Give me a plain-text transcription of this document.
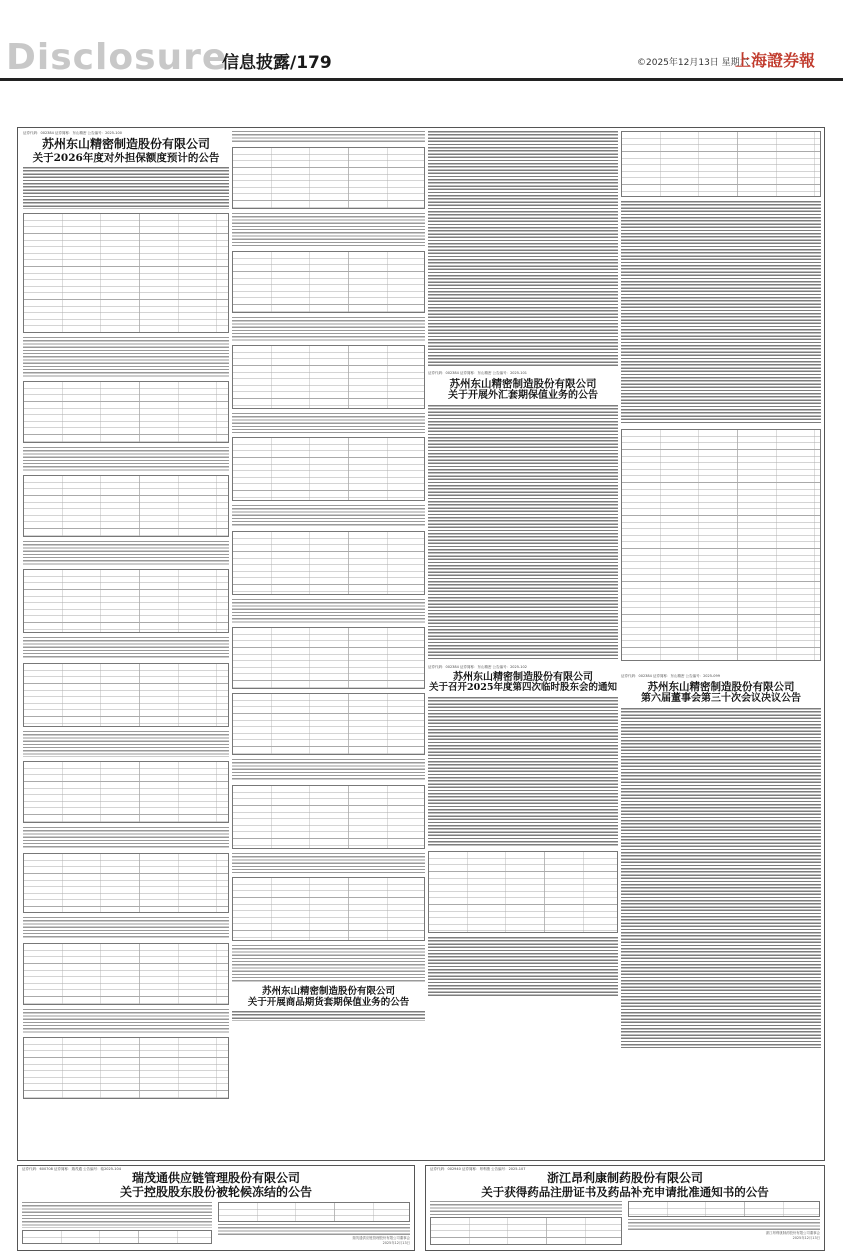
Disclosure
信息披露/179	©2025年12月13日 星期六
上海證券報
证券代码：002384 证券简称：东山精密 公告编号：2025-100
苏州东山精密制造股份有限公司
关于2026年度对外担保额度预计的公告
苏州东山精密制造股份有限公司
关于开展商品期货套期保值业务的公告
证券代码：002384 证券简称：东山精密 公告编号：2025-101
苏州东山精密制造股份有限公司
关于开展外汇套期保值业务的公告
证券代码：002384 证券简称：东山精密 公告编号：2025-102
苏州东山精密制造股份有限公司
关于召开2025年度第四次临时股东会的通知

证券代码：002384 证券简称：东山精密 公告编号：2025-099
苏州东山精密制造股份有限公司
第六届董事会第三十次会议决议公告
证券代码：600708 证券简称：瑞茂通 公告编号：临2025-104
瑞茂通供应链管理股份有限公司
关于控股股东股份被轮候冻结的公告
瑞茂通供应链管理股份有限公司董事会
2025年12月13日
证券代码：002940 证券简称：昂利康 公告编号：2025-107
浙江昂利康制药股份有限公司
关于获得药品注册证书及药品补充申请批准通知书的公告
浙江昂利康制药股份有限公司董事会
2025年12月13日
